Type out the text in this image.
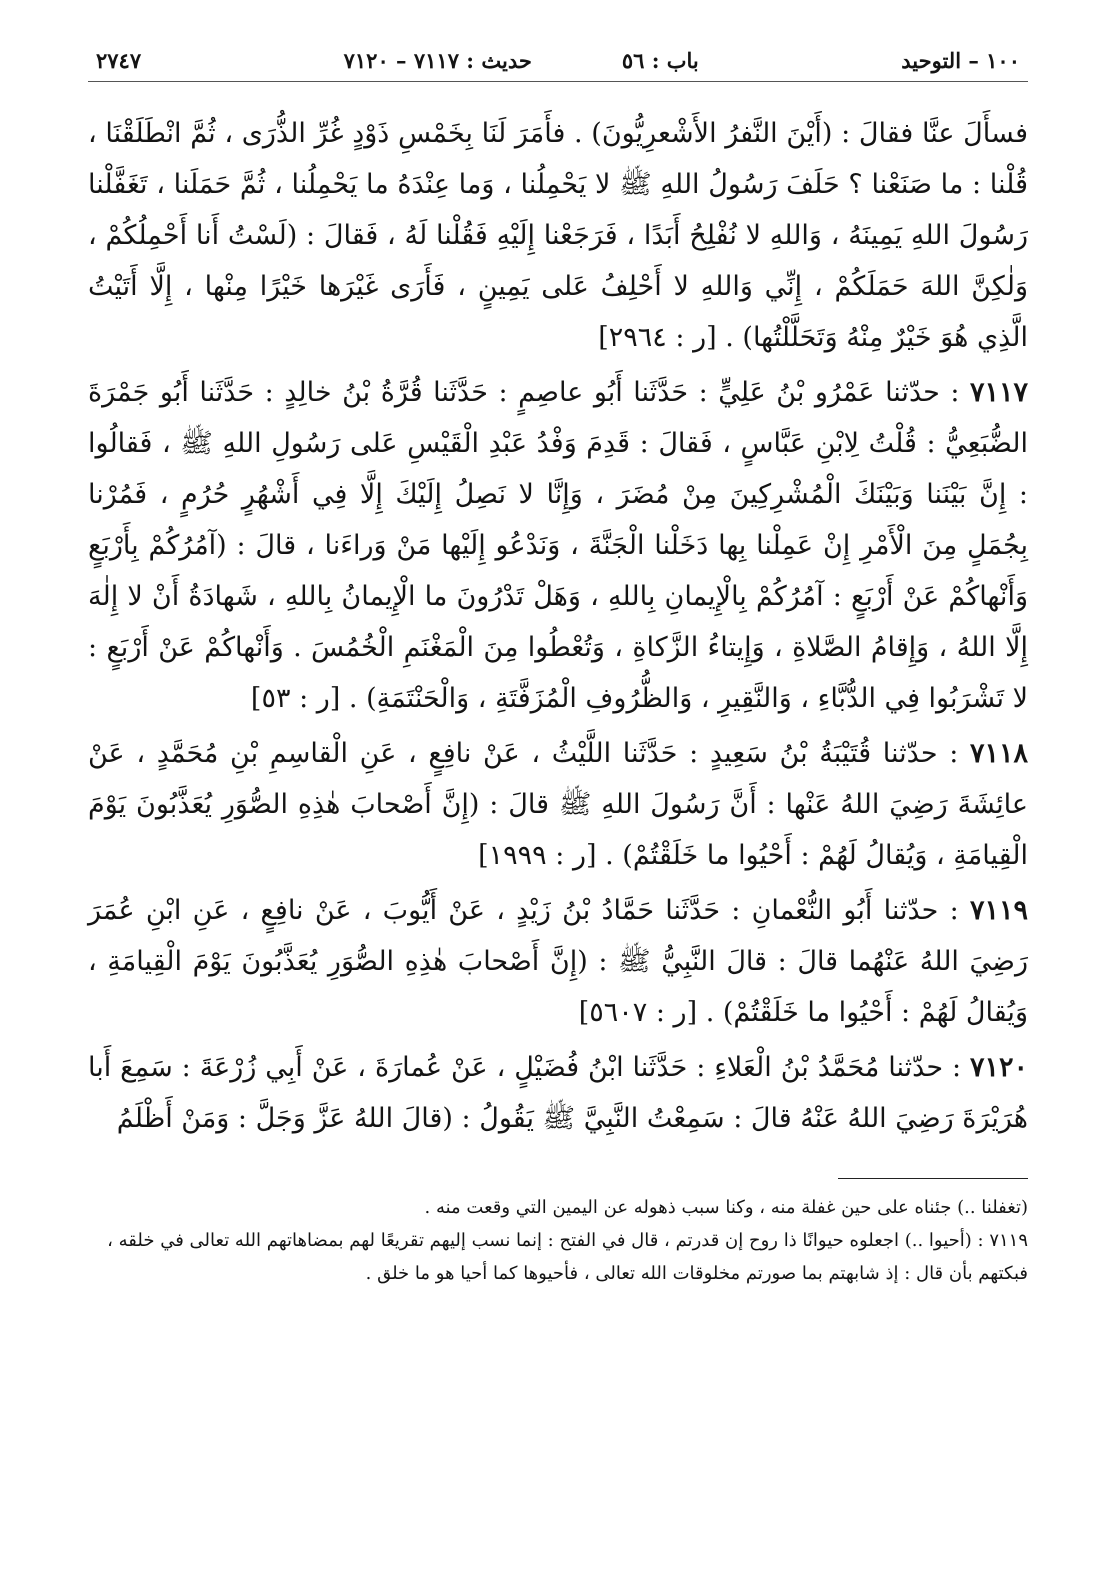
١٠٠ – التوحيد
باب : ٥٦
حديث : ٧١١٧ – ٧١٢٠
٢٧٤٧

فسأَلَ عنَّا فقالَ : (أَيْنَ النَّفرُ الأَشْعرِيُّونَ) . فأَمَرَ لَنَا بِخَمْسِ ذَوْدٍ غُرِّ الذُّرَى ، ثُمَّ انْطَلَقْنَا ، قُلْنا : ما صَنَعْنا ؟ حَلَفَ رَسُولُ اللهِ ﷺ لا يَحْمِلُنا ، وَما عِنْدَهُ ما يَحْمِلُنا ، ثُمَّ حَمَلَنا ، تَغَفَّلْنا رَسُولَ اللهِ يَمِينَهُ ، وَاللهِ لا نُفْلِحُ أَبَدًا ، فَرَجَعْنا إِلَيْهِ فَقُلْنا لَهُ ، فَقالَ : (لَسْتُ أَنا أَحْمِلُكُمْ ، وَلٰكِنَّ اللهَ حَمَلَكُمْ ، إِنِّي وَاللهِ لا أَحْلِفُ عَلى يَمِينٍ ، فَأَرَى غَيْرَها خَيْرًا مِنْها ، إِلَّا أَتَيْتُ الَّذِي هُوَ خَيْرٌ مِنْهُ وَتَحَلَّلْتُها) . [ر : ٢٩٦٤]

٧١١٧ : حدّثنا عَمْرُو بْنُ عَلِيٍّ : حَدَّثَنا أَبُو عاصِمٍ : حَدَّثَنا قُرَّةُ بْنُ خالِدٍ : حَدَّثَنا أَبُو جَمْرَةَ الضُّبَعِيُّ : قُلْتُ لِابْنِ عَبَّاسٍ ، فَقالَ : قَدِمَ وَفْدُ عَبْدِ الْقَيْسِ عَلى رَسُولِ اللهِ ﷺ ، فَقالُوا : إِنَّ بَيْنَنا وَبَيْنَكَ الْمُشْرِكِينَ مِنْ مُضَرَ ، وَإِنَّا لا نَصِلُ إِلَيْكَ إِلَّا فِي أَشْهُرٍ حُرُمٍ ، فَمُرْنا بِجُمَلٍ مِنَ الْأَمْرِ إِنْ عَمِلْنا بِها دَخَلْنا الْجَنَّةَ ، وَنَدْعُو إِلَيْها مَنْ وَراءَنا ، قالَ : (آمُرُكُمْ بِأَرْبَعٍ وَأَنْهاكُمْ عَنْ أَرْبَعٍ : آمُرُكُمْ بِالْإِيمانِ بِاللهِ ، وَهَلْ تَدْرُونَ ما الْإِيمانُ بِاللهِ ، شَهادَةُ أَنْ لا إِلٰهَ إِلَّا اللهُ ، وَإِقامُ الصَّلاةِ ، وَإِيتاءُ الزَّكاةِ ، وَتُعْطُوا مِنَ الْمَغْنَمِ الْخُمُسَ . وَأَنْهاكُمْ عَنْ أَرْبَعٍ : لا تَشْرَبُوا فِي الدُّبَّاءِ ، وَالنَّقِيرِ ، وَالظُّرُوفِ الْمُزَفَّتَةِ ، وَالْحَنْتَمَةِ) . [ر : ٥٣]

٧١١٨ : حدّثنا قُتَيْبَةُ بْنُ سَعِيدٍ : حَدَّثَنا اللَّيْثُ ، عَنْ نافِعٍ ، عَنِ الْقاسِمِ بْنِ مُحَمَّدٍ ، عَنْ عائِشَةَ رَضِيَ اللهُ عَنْها : أَنَّ رَسُولَ اللهِ ﷺ قالَ : (إِنَّ أَصْحابَ هٰذِهِ الصُّوَرِ يُعَذَّبُونَ يَوْمَ الْقِيامَةِ ، وَيُقالُ لَهُمْ : أَحْيُوا ما خَلَقْتُمْ) . [ر : ١٩٩٩]

٧١١٩ : حدّثنا أَبُو النُّعْمانِ : حَدَّثَنا حَمَّادُ بْنُ زَيْدٍ ، عَنْ أَيُّوبَ ، عَنْ نافِعٍ ، عَنِ ابْنِ عُمَرَ رَضِيَ اللهُ عَنْهُما قالَ : قالَ النَّبِيُّ ﷺ : (إِنَّ أَصْحابَ هٰذِهِ الصُّوَرِ يُعَذَّبُونَ يَوْمَ الْقِيامَةِ ، وَيُقالُ لَهُمْ : أَحْيُوا ما خَلَقْتُمْ) . [ر : ٥٦٠٧]

٧١٢٠ : حدّثنا مُحَمَّدُ بْنُ الْعَلاءِ : حَدَّثَنا ابْنُ فُضَيْلٍ ، عَنْ عُمارَةَ ، عَنْ أَبِي زُرْعَةَ : سَمِعَ أَبا هُرَيْرَةَ رَضِيَ اللهُ عَنْهُ قالَ : سَمِعْتُ النَّبِيَّ ﷺ يَقُولُ : (قالَ اللهُ عَزَّ وَجَلَّ : وَمَنْ أَظْلَمُ

(تغفلنا ..) جئناه على حين غفلة منه ، وكنا سبب ذهوله عن اليمين التي وقعت منه .

٧١١٩ : (أحيوا ..) اجعلوه حيوانًا ذا روح إن قدرتم ، قال في الفتح : إنما نسب إليهم تقريعًا لهم بمضاهاتهم الله تعالى في خلقه ، فبكتهم بأن قال : إذ شابهتم بما صورتم مخلوقات الله تعالى ، فأحيوها كما أحيا هو ما خلق .
